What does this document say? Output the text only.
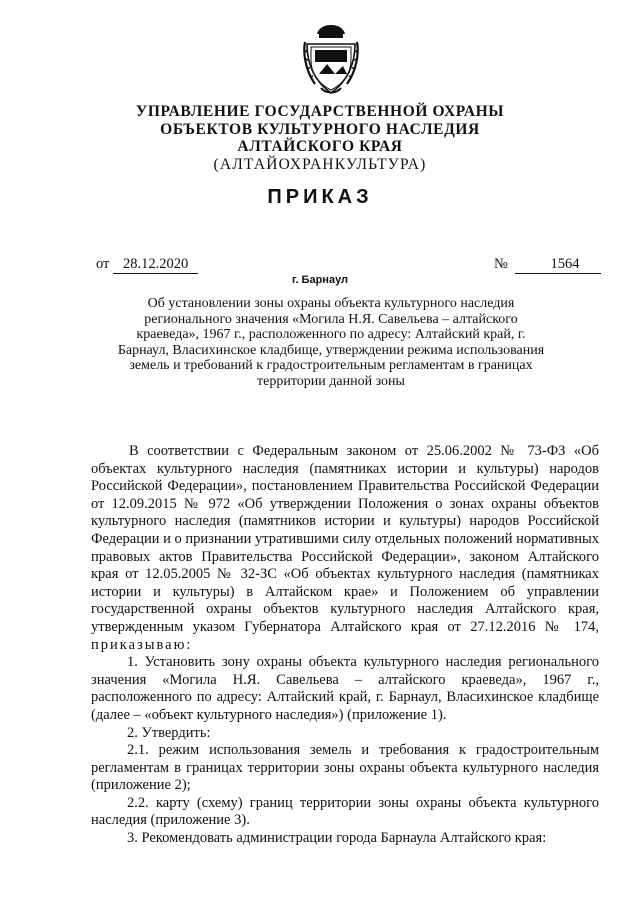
УПРАВЛЕНИЕ ГОСУДАРСТВЕННОЙ ОХРАНЫ
ОБЪЕКТОВ КУЛЬТУРНОГО НАСЛЕДИЯ
АЛТАЙСКОГО КРАЯ
(АЛТАЙОХРАНКУЛЬТУРА)
ПРИКАЗ
от 28.12.2020	№	1564
г. Барнаул
Об установлении зоны охраны объекта культурного наследия регионального значения «Могила Н.Я. Савельева – алтайского краеведа», 1967 г., расположенного по адресу: Алтайский край, г. Барнаул, Власихинское кладбище, утверждении режима использования земель и требований к градостроительным регламентам в границах территории данной зоны

В соответствии с Федеральным законом от 25.06.2002 № 73-ФЗ «Об объектах культурного наследия (памятниках истории и культуры) народов Российской Федерации», постановлением Правительства Российской Федерации от 12.09.2015 № 972 «Об утверждении Положения о зонах охраны объектов культурного наследия (памятников истории и культуры) народов Российской Федерации и о признании утратившими силу отдельных положений нормативных правовых актов Правительства Российской Федерации», законом Алтайского края от 12.05.2005 № 32-ЗС «Об объектах культурного наследия (памятниках истории и культуры) в Алтайском крае» и Положением об управлении государственной охраны объектов культурного наследия Алтайского края, утвержденным указом Губернатора Алтайского края от 27.12.2016 № 174, приказываю:

1. Установить зону охраны объекта культурного наследия регионального значения «Могила Н.Я. Савельева – алтайского краеведа», 1967 г., расположенного по адресу: Алтайский край, г. Барнаул, Власихинское кладбище (далее – «объект культурного наследия») (приложение 1).

2. Утвердить:

2.1. режим использования земель и требования к градостроительным регламентам в границах территории зоны охраны объекта культурного наследия (приложение 2);

2.2. карту (схему) границ территории зоны охраны объекта культурного наследия (приложение 3).

3. Рекомендовать администрации города Барнаула Алтайского края:
